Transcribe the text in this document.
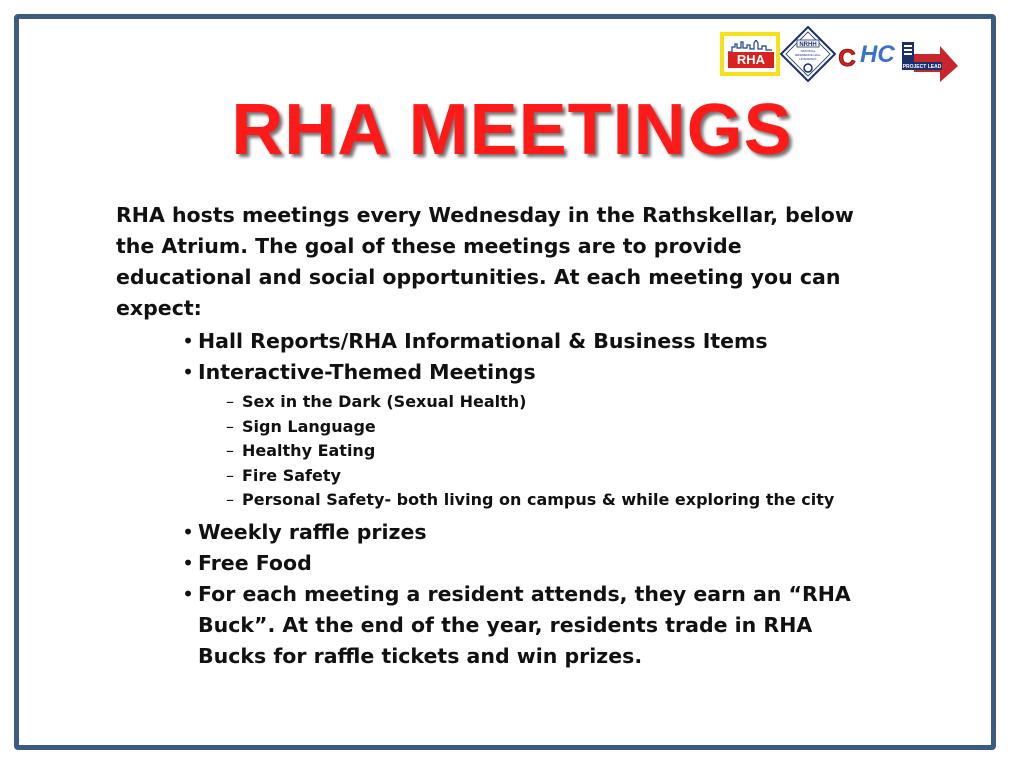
RHA
NRHH
NATIONAL
RESIDENCE HALL
HONORARY C HC	PROJECT LEAD
RHA MEETINGS

RHA hosts meetings every Wednesday in the Rathskellar, below the Atrium. The goal of these meetings are to provide educational and social opportunities. At each meeting you can expect:

• Hall Reports/RHA Informational & Business Items
• Interactive-Themed Meetings
– Sex in the Dark (Sexual Health)
– Sign Language
– Healthy Eating
– Fire Safety
– Personal Safety- both living on campus & while exploring the city
• Weekly raffle prizes
• Free Food
• For each meeting a resident attends, they earn an “RHA Buck”. At the end of the year, residents trade in RHA Bucks for raffle tickets and win prizes.
